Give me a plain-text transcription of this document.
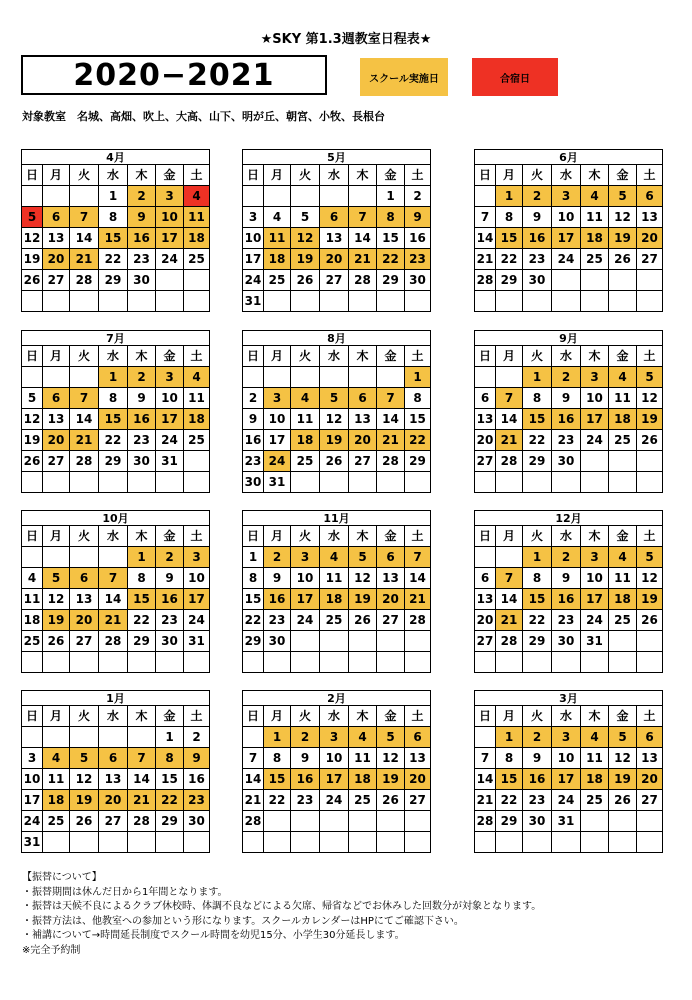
★SKY 第1.3週教室日程表★
2020−2021	スクール実施日	合宿日
対象教室　名城、高畑、吹上、大高、山下、明が丘、朝宮、小牧、長根台
4月						
日	月	火	水	木	金	土
			1	2	3	4
5	6	7	8	9	10	11
12	13	14	15	16	17	18
19	20	21	22	23	24	25
26	27	28	29	30		

5月						
日	月	火	水	木	金	土
					1	2
3	4	5	6	7	8	9
10	11	12	13	14	15	16
17	18	19	20	21	22	23
24	25	26	27	28	29	30
31						
6月						
日	月	火	水	木	金	土
	1	2	3	4	5	6
7	8	9	10	11	12	13
14	15	16	17	18	19	20
21	22	23	24	25	26	27
28	29	30				

7月						
日	月	火	水	木	金	土
			1	2	3	4
5	6	7	8	9	10	11
12	13	14	15	16	17	18
19	20	21	22	23	24	25
26	27	28	29	30	31	

8月						
日	月	火	水	木	金	土
						1
2	3	4	5	6	7	8
9	10	11	12	13	14	15
16	17	18	19	20	21	22
23	24	25	26	27	28	29
30	31					
9月						
日	月	火	水	木	金	土
		1	2	3	4	5
6	7	8	9	10	11	12
13	14	15	16	17	18	19
20	21	22	23	24	25	26
27	28	29	30			

10月						
日	月	火	水	木	金	土
				1	2	3
4	5	6	7	8	9	10
11	12	13	14	15	16	17
18	19	20	21	22	23	24
25	26	27	28	29	30	31

11月						
日	月	火	水	木	金	土
1	2	3	4	5	6	7
8	9	10	11	12	13	14
15	16	17	18	19	20	21
22	23	24	25	26	27	28
29	30					

12月						
日	月	火	水	木	金	土
		1	2	3	4	5
6	7	8	9	10	11	12
13	14	15	16	17	18	19
20	21	22	23	24	25	26
27	28	29	30	31		

1月						
日	月	火	水	木	金	土
					1	2
3	4	5	6	7	8	9
10	11	12	13	14	15	16
17	18	19	20	21	22	23
24	25	26	27	28	29	30
31						
2月						
日	月	火	水	木	金	土
	1	2	3	4	5	6
7	8	9	10	11	12	13
14	15	16	17	18	19	20
21	22	23	24	25	26	27
28						

3月						
日	月	火	水	木	金	土
	1	2	3	4	5	6
7	8	9	10	11	12	13
14	15	16	17	18	19	20
21	22	23	24	25	26	27
28	29	30	31			

【振替について】
・振替期間は休んだ日から1年間となります。
・振替は天候不良によるクラブ休校時、体調不良などによる欠席、帰省などでお休みした回数分が対象となります。
・振替方法は、他教室への参加という形になります。スクールカレンダーはHPにてご確認下さい。
・補講について→時間延長制度でスクール時間を幼児15分、小学生30分延長します。
※完全予約制
